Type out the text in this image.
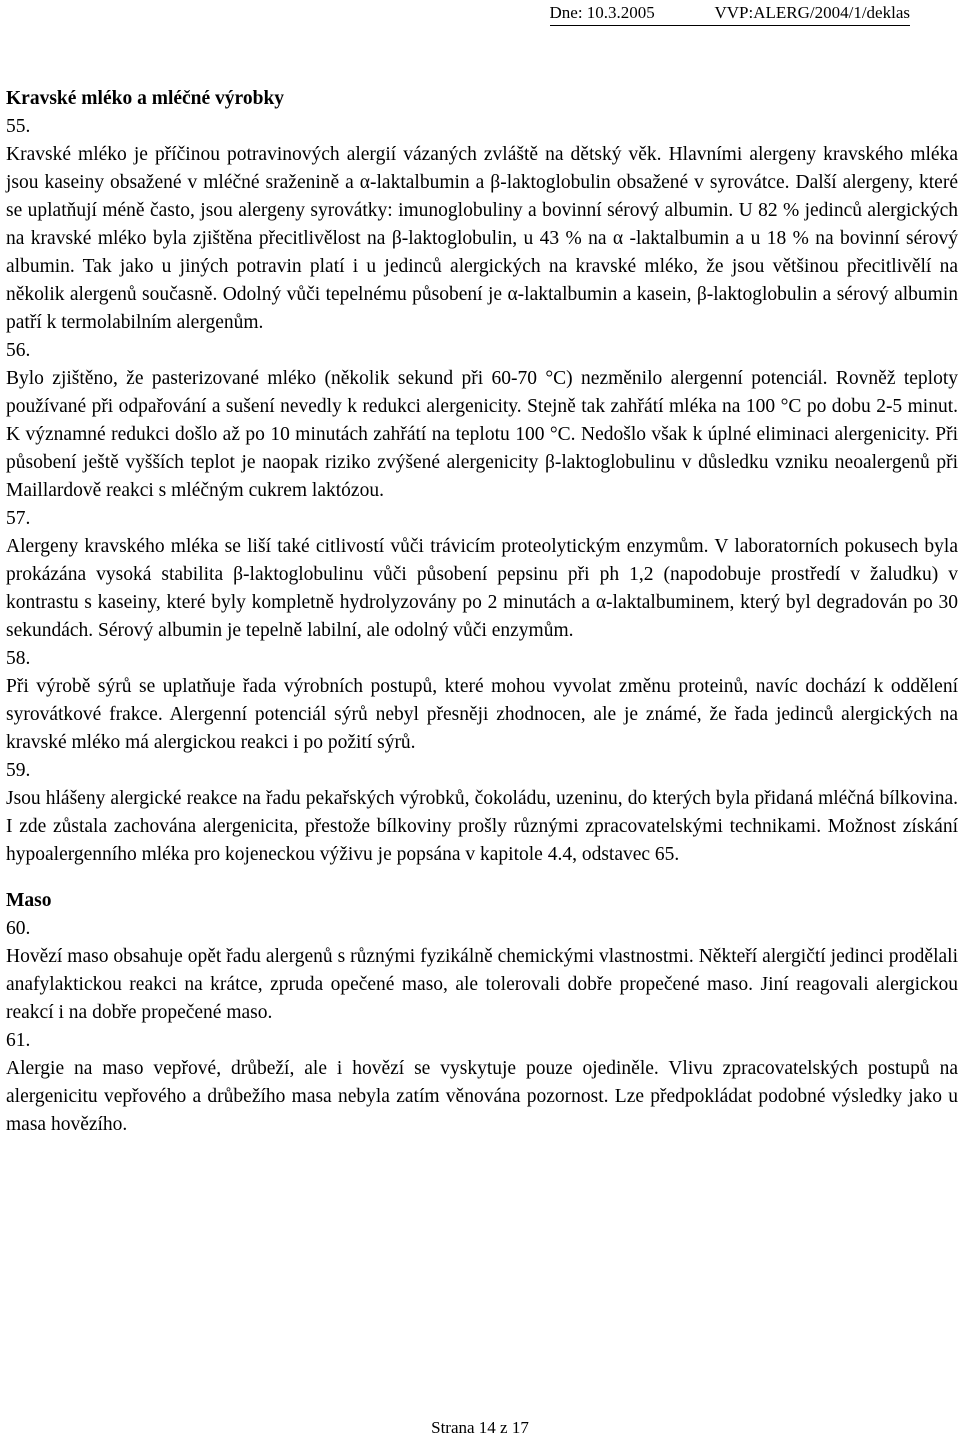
Dne: 10.3.2005	VVP:ALERG/2004/1/deklas

Kravské mléko a mléčné výrobky

55.

Kravské mléko je příčinou potravinových alergií vázaných zvláště na dětský věk. Hlavními alergeny kravského mléka jsou kaseiny obsažené v mléčné sraženině a α-laktalbumin a β-laktoglobulin obsažené v syrovátce. Další alergeny, které se uplatňují méně často, jsou alergeny syrovátky: imunoglobuliny a bovinní sérový albumin. U 82 % jedinců alergických na kravské mléko byla zjištěna přecitlivělost na β-laktoglobulin, u 43 % na α -laktalbumin a u 18 % na bovinní sérový albumin. Tak jako u jiných potravin platí i u jedinců alergických na kravské mléko, že jsou většinou přecitlivělí na několik alergenů současně. Odolný vůči tepelnému působení je α-laktalbumin a kasein, β-laktoglobulin a sérový albumin patří k termolabilním alergenům.

56.

Bylo zjištěno, že pasterizované mléko (několik sekund při 60-70 °C) nezměnilo alergenní potenciál. Rovněž teploty používané při odpařování a sušení nevedly k redukci alergenicity. Stejně tak zahřátí mléka na 100 °C po dobu 2-5 minut. K významné redukci došlo až po 10 minutách zahřátí na teplotu 100 °C. Nedošlo však k úplné eliminaci alergenicity. Při působení ještě vyšších teplot je naopak riziko zvýšené alergenicity β-laktoglobulinu v důsledku vzniku neoalergenů při Maillardově reakci s mléčným cukrem laktózou.

57.

Alergeny kravského mléka se liší také citlivostí vůči trávicím proteolytickým enzymům. V laboratorních pokusech byla prokázána vysoká stabilita β-laktoglobulinu vůči působení pepsinu při ph 1,2 (napodobuje prostředí v žaludku) v kontrastu s kaseiny, které byly kompletně hydrolyzovány po 2 minutách a α-laktalbuminem, který byl degradován po 30 sekundách. Sérový albumin je tepelně labilní, ale odolný vůči enzymům.

58.

Při výrobě sýrů se uplatňuje řada výrobních postupů, které mohou vyvolat změnu proteinů, navíc dochází k oddělení syrovátkové frakce. Alergenní potenciál sýrů nebyl přesněji zhodnocen, ale je známé, že řada jedinců alergických na kravské mléko má alergickou reakci i po požití sýrů.

59.

Jsou hlášeny alergické reakce na řadu pekařských výrobků, čokoládu, uzeninu, do kterých byla přidaná mléčná bílkovina. I zde zůstala zachována alergenicita, přestože bílkoviny prošly různými zpracovatelskými technikami. Možnost získání hypoalergenního mléka pro kojeneckou výživu je popsána v kapitole 4.4, odstavec 65.

Maso

60.

Hovězí maso obsahuje opět řadu alergenů s různými fyzikálně chemickými vlastnostmi. Někteří alergičtí jedinci prodělali anafylaktickou reakci na krátce, zpruda opečené maso, ale tolerovali dobře propečené maso. Jiní reagovali alergickou reakcí i na dobře propečené maso.

61.

Alergie na maso vepřové, drůbeží, ale i hovězí se vyskytuje pouze ojediněle. Vlivu zpracovatelských postupů na alergenicitu vepřového a drůbežího masa nebyla zatím věnována pozornost. Lze předpokládat podobné výsledky jako u masa hovězího.

Strana 14 z 17
